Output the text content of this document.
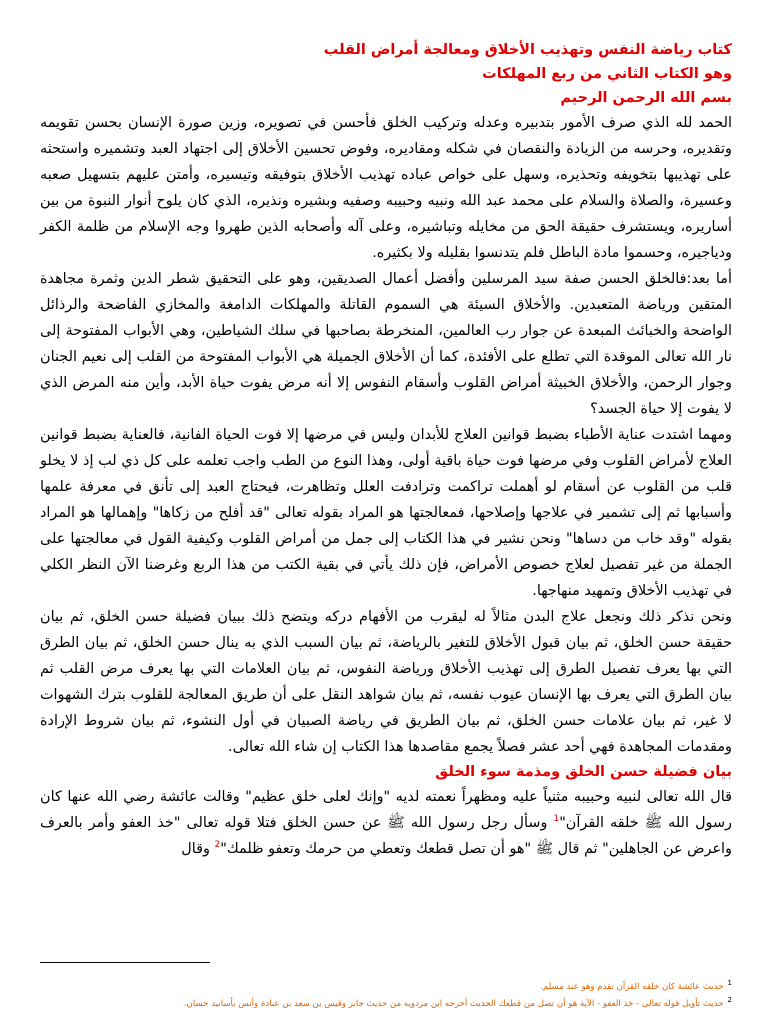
كتاب رياضة النفس وتهذيب الأخلاق ومعالجة أمراض القلب

وهو الكتاب الثاني من ربع المهلكات

بسم الله الرحمن الرحيم

الحمد لله الذي صرف الأمور بتدبيره وعدله وتركيب الخلق فأحسن في تصويره، وزين صورة الإنسان بحسن تقويمه وتقديره، وحرسه من الزيادة والنقصان في شكله ومقاديره، وفوض تحسين الأخلاق إلى اجتهاد العبد وتشميره واستحثه على تهذيبها بتخويفه وتحذيره، وسهل على خواص عباده تهذيب الأخلاق بتوفيقه وتيسيره، وأمتن عليهم بتسهيل صعبه وعسيرة، والصلاة والسلام على محمد عبد الله ونبيه وحبيبه وصفيه وبشيره ونذيره، الذي كان يلوح أنوار النبوة من بين أساريره، ويستشرف حقيقة الحق من مخايله وتباشيره، وعلى آله وأصحابه الذين طهروا وجه الإسلام من ظلمة الكفر ودياجيره، وحسموا مادة الباطل فلم يتدنسوا بقليله ولا بكثيره.

أما بعد:فالخلق الحسن صفة سيد المرسلين وأفضل أعمال الصديقين، وهو على التحقيق شطر الدين وثمرة مجاهدة المتقين ورياضة المتعبدين. والأخلاق السيئة هي السموم القاتلة والمهلكات الدامغة والمخازي الفاضحة والرذائل الواضحة والخبائث المبعدة عن جوار رب العالمين، المنخرطة بصاحبها في سلك الشياطين، وهي الأبواب المفتوحة إلى نار الله تعالى الموقدة التي تطلع على الأفئدة، كما أن الأخلاق الجميلة هي الأبواب المفتوحة من القلب إلى نعيم الجنان وجوار الرحمن، والأخلاق الخبيثة أمراض القلوب وأسقام النفوس إلا أنه مرض يفوت حياة الأبد، وأين منه المرض الذي لا يفوت إلا حياة الجسد؟

ومهما اشتدت عناية الأطباء بضبط قوانين العلاج للأبدان وليس في مرضها إلا فوت الحياة الفانية، فالعناية بضبط قوانين العلاج لأمراض القلوب وفي مرضها فوت حياة باقية أولى، وهذا النوع من الطب واجب تعلمه على كل ذي لب إذ لا يخلو قلب من القلوب عن أسقام لو أهملت تراكمت وترادفت العلل وتظاهرت، فيحتاج العبد إلى تأنق في معرفة علمها وأسبابها ثم إلى تشمير في علاجها وإصلاحها، فمعالجتها هو المراد بقوله تعالى "قد أفلح من زكاها" وإهمالها هو المراد بقوله "وقد خاب من دساها" ونحن نشير في هذا الكتاب إلى جمل من أمراض القلوب وكيفية القول في معالجتها على الجملة من غير تفصيل لعلاج خصوص الأمراض، فإن ذلك يأتي في بقية الكتب من هذا الربع وغرضنا الآن النظر الكلي في تهذيب الأخلاق وتمهيد منهاجها.

ونحن نذكر ذلك ونجعل علاج البدن مثالاً له ليقرب من الأفهام دركه ويتضح ذلك ببيان فضيلة حسن الخلق، ثم بيان حقيقة حسن الخلق، ثم بيان قبول الأخلاق للتغير بالرياضة، ثم بيان السبب الذي به ينال حسن الخلق، ثم بيان الطرق التي بها يعرف تفصيل الطرق إلى تهذيب الأخلاق ورياضة النفوس، ثم بيان العلامات التي بها يعرف مرض القلب ثم بيان الطرق التي يعرف بها الإنسان عيوب نفسه، ثم بيان شواهد النقل على أن طريق المعالجة للقلوب بترك الشهوات لا غير، ثم بيان علامات حسن الخلق، ثم بيان الطريق في رياضة الصبيان في أول النشوء، ثم بيان شروط الإرادة ومقدمات المجاهدة فهي أحد عشر فصلاً يجمع مقاصدها هذا الكتاب إن شاء الله تعالى.

بيان فضيلة حسن الخلق ومذمة سوء الخلق

قال الله تعالى لنبيه وحبيبه مثنياً عليه ومظهراً نعمته لديه "وإنك لعلى خلق عظيم" وقالت عائشة رضي الله عنها كان رسول الله ﷺ خلقه القرآن"$^1$ وسأل رجل رسول الله ﷺ عن حسن الخلق فتلا قوله تعالى "خذ العفو وأمر بالعرف واعرض عن الجاهلين" ثم قال ﷺ "هو أن تصل قطعك وتعطي من حرمك وتعفو ظلمك"$^2$ وقال

$^1$حديث عائشة كان خلقه القرآن تقدم وهو عند مسلم.

$^2$حديث تأويل قوله تعالى - خذ العفو - الآية هو أن تصل من قطعك الحديث أخرجه ابن مردويه من حديث جابر وقيس بن سعد بن عبادة وأنس بأسانيد حسان.
